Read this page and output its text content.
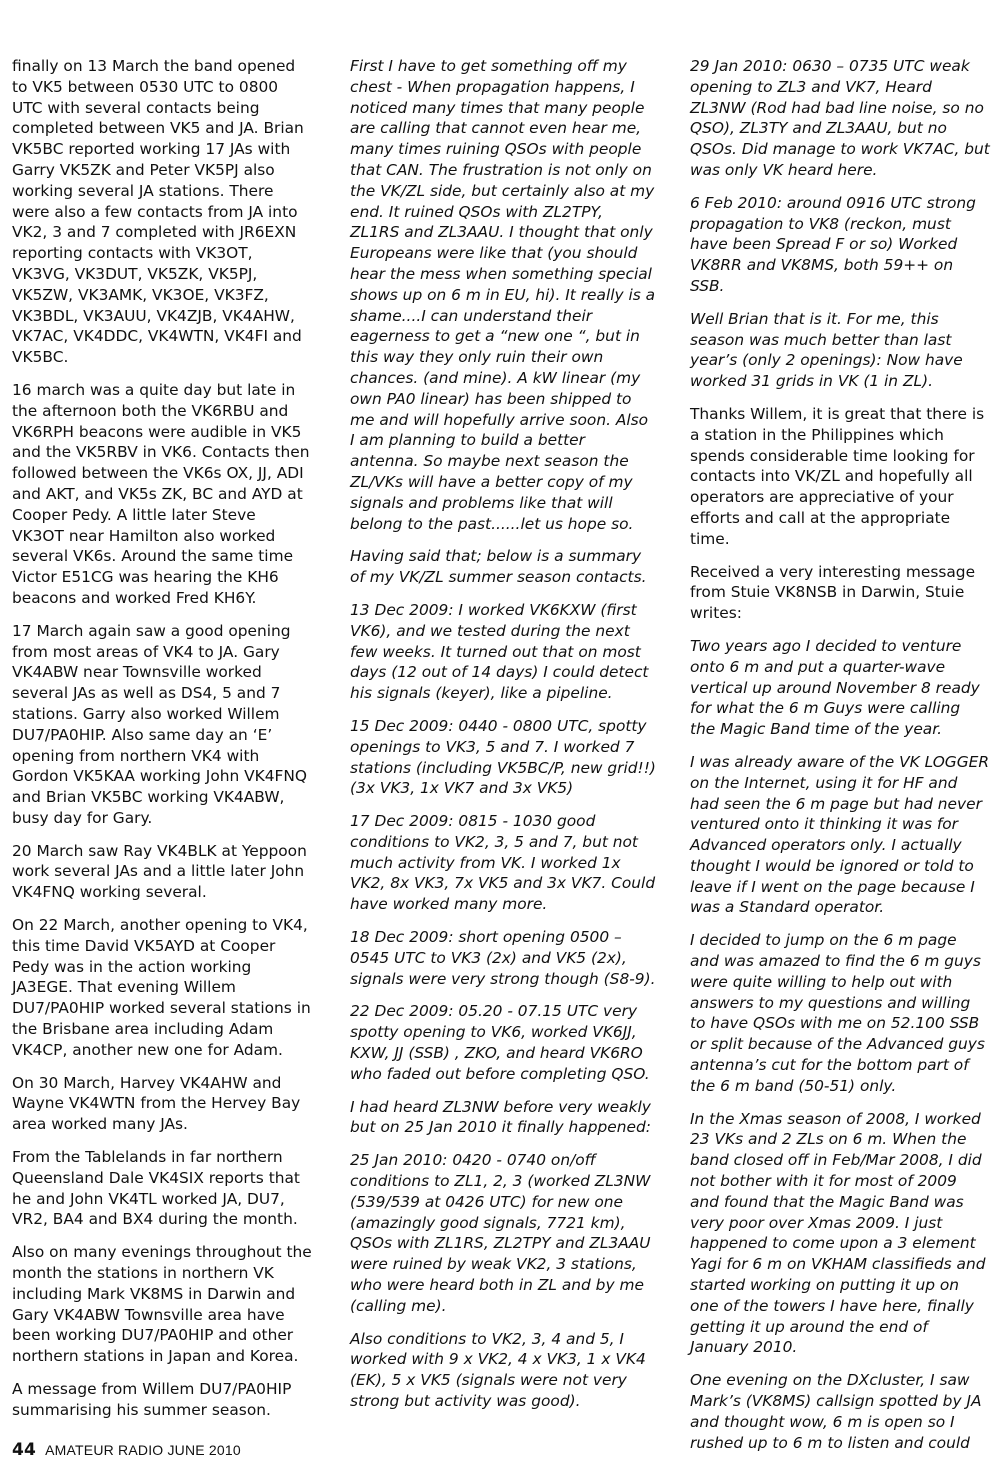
finally on 13 March the band opened to VK5 between 0530 UTC to 0800 UTC with several contacts being completed between VK5 and JA. Brian VK5BC reported working 17 JAs with Garry VK5ZK and Peter VK5PJ also working several JA stations. There were also a few contacts from JA into VK2, 3 and 7 completed with JR6EXN reporting contacts with VK3OT, VK3VG, VK3DUT, VK5ZK, VK5PJ, VK5ZW, VK3AMK, VK3OE, VK3FZ, VK3BDL, VK3AUU, VK4ZJB, VK4AHW, VK7AC, VK4DDC, VK4WTN, VK4FI and VK5BC.

16 march was a quite day but late in the afternoon both the VK6RBU and VK6RPH beacons were audible in VK5 and the VK5RBV in VK6. Contacts then followed between the VK6s OX, JJ, ADI and AKT, and VK5s ZK, BC and AYD at Cooper Pedy. A little later Steve VK3OT near Hamilton also worked several VK6s. Around the same time Victor E51CG was hearing the KH6 beacons and worked Fred KH6Y.

17 March again saw a good opening from most areas of VK4 to JA. Gary VK4ABW near Townsville worked several JAs as well as DS4, 5 and 7 stations. Garry also worked Willem DU7/PA0HIP. Also same day an ‘E’ opening from northern VK4 with Gordon VK5KAA working John VK4FNQ and Brian VK5BC working VK4ABW, busy day for Gary.

20 March saw Ray VK4BLK at Yeppoon work several JAs and a little later John VK4FNQ working several.

On 22 March, another opening to VK4, this time David VK5AYD at Cooper Pedy was in the action working JA3EGE. That evening Willem DU7/PA0HIP worked several stations in the Brisbane area including Adam VK4CP, another new one for Adam.

On 30 March, Harvey VK4AHW and Wayne VK4WTN from the Hervey Bay area worked many JAs.

From the Tablelands in far northern Queensland Dale VK4SIX reports that he and John VK4TL worked JA, DU7, VR2, BA4 and BX4 during the month.

Also on many evenings throughout the month the stations in northern VK including Mark VK8MS in Darwin and Gary VK4ABW Townsville area have been working DU7/PA0HIP and other northern stations in Japan and Korea.

A message from Willem DU7/PA0HIP summarising his summer season.

First I have to get something off my chest - When propagation happens, I noticed many times that many people are calling that cannot even hear me, many times ruining QSOs with people that CAN. The frustration is not only on the VK/ZL side, but certainly also at my end. It ruined QSOs with ZL2TPY, ZL1RS and ZL3AAU. I thought that only Europeans were like that (you should hear the mess when something special shows up on 6 m in EU, hi). It really is a shame....I can understand their eagerness to get a “new one “, but in this way they only ruin their own chances. (and mine). A kW linear (my own PA0 linear) has been shipped to me and will hopefully arrive soon. Also I am planning to build a better antenna. So maybe next season the ZL/VKs will have a better copy of my signals and problems like that will belong to the past......let us hope so.

Having said that; below is a summary of my VK/ZL summer season contacts.

13 Dec 2009: I worked VK6KXW (first VK6), and we tested during the next few weeks. It turned out that on most days (12 out of 14 days) I could detect his signals (keyer), like a pipeline.

15 Dec 2009: 0440 - 0800 UTC, spotty openings to VK3, 5 and 7. I worked 7 stations (including VK5BC/P, new grid!!) (3x VK3, 1x VK7 and 3x VK5)

17 Dec 2009: 0815 - 1030 good conditions to VK2, 3, 5 and 7, but not much activity from VK. I worked 1x VK2, 8x VK3, 7x VK5 and 3x VK7. Could have worked many more.

18 Dec 2009: short opening 0500 – 0545 UTC to VK3 (2x) and VK5 (2x), signals were very strong though (S8-9).

22 Dec 2009: 05.20 - 07.15 UTC very spotty opening to VK6, worked VK6JJ, KXW, JJ (SSB) , ZKO, and heard VK6RO who faded out before completing QSO.

I had heard ZL3NW before very weakly but on 25 Jan 2010 it finally happened:

25 Jan 2010: 0420 - 0740 on/off conditions to ZL1, 2, 3 (worked ZL3NW (539/539 at 0426 UTC) for new one (amazingly good signals, 7721 km), QSOs with ZL1RS, ZL2TPY and ZL3AAU were ruined by weak VK2, 3 stations, who were heard both in ZL and by me (calling me).

Also conditions to VK2, 3, 4 and 5, I worked with 9 x VK2, 4 x VK3, 1 x VK4 (EK), 5 x VK5 (signals were not very strong but activity was good).

29 Jan 2010: 0630 – 0735 UTC weak opening to ZL3 and VK7, Heard ZL3NW (Rod had bad line noise, so no QSO), ZL3TY and ZL3AAU, but no QSOs. Did manage to work VK7AC, but was only VK heard here.

6 Feb 2010: around 0916 UTC strong propagation to VK8 (reckon, must have been Spread F or so) Worked VK8RR and VK8MS, both 59++ on SSB.

Well Brian that is it. For me, this season was much better than last year’s (only 2 openings): Now have worked 31 grids in VK (1 in ZL).

Thanks Willem, it is great that there is a station in the Philippines which spends considerable time looking for contacts into VK/ZL and hopefully all operators are appreciative of your efforts and call at the appropriate time.

Received a very interesting message from Stuie VK8NSB in Darwin, Stuie writes:

Two years ago I decided to venture onto 6 m and put a quarter-wave vertical up around November 8 ready for what the 6 m Guys were calling the Magic Band time of the year.

I was already aware of the VK LOGGER on the Internet, using it for HF and had seen the 6 m page but had never ventured onto it thinking it was for Advanced operators only. I actually thought I would be ignored or told to leave if I went on the page because I was a Standard operator.

I decided to jump on the 6 m page and was amazed to find the 6 m guys were quite willing to help out with answers to my questions and willing to have QSOs with me on 52.100 SSB or split because of the Advanced guys antenna’s cut for the bottom part of the 6 m band (50-51) only.

In the Xmas season of 2008, I worked 23 VKs and 2 ZLs on 6 m. When the band closed off in Feb/Mar 2008, I did not bother with it for most of 2009 and found that the Magic Band was very poor over Xmas 2009. I just happened to come upon a 3 element Yagi for 6 m on VKHAM classifieds and started working on putting it up on one of the towers I have here, finally getting it up around the end of January 2010.

One evening on the DXcluster, I saw Mark’s (VK8MS) callsign spotted by JA and thought wow, 6 m is open so I rushed up to 6 m to listen and could

44 AMATEUR RADIO JUNE 2010
